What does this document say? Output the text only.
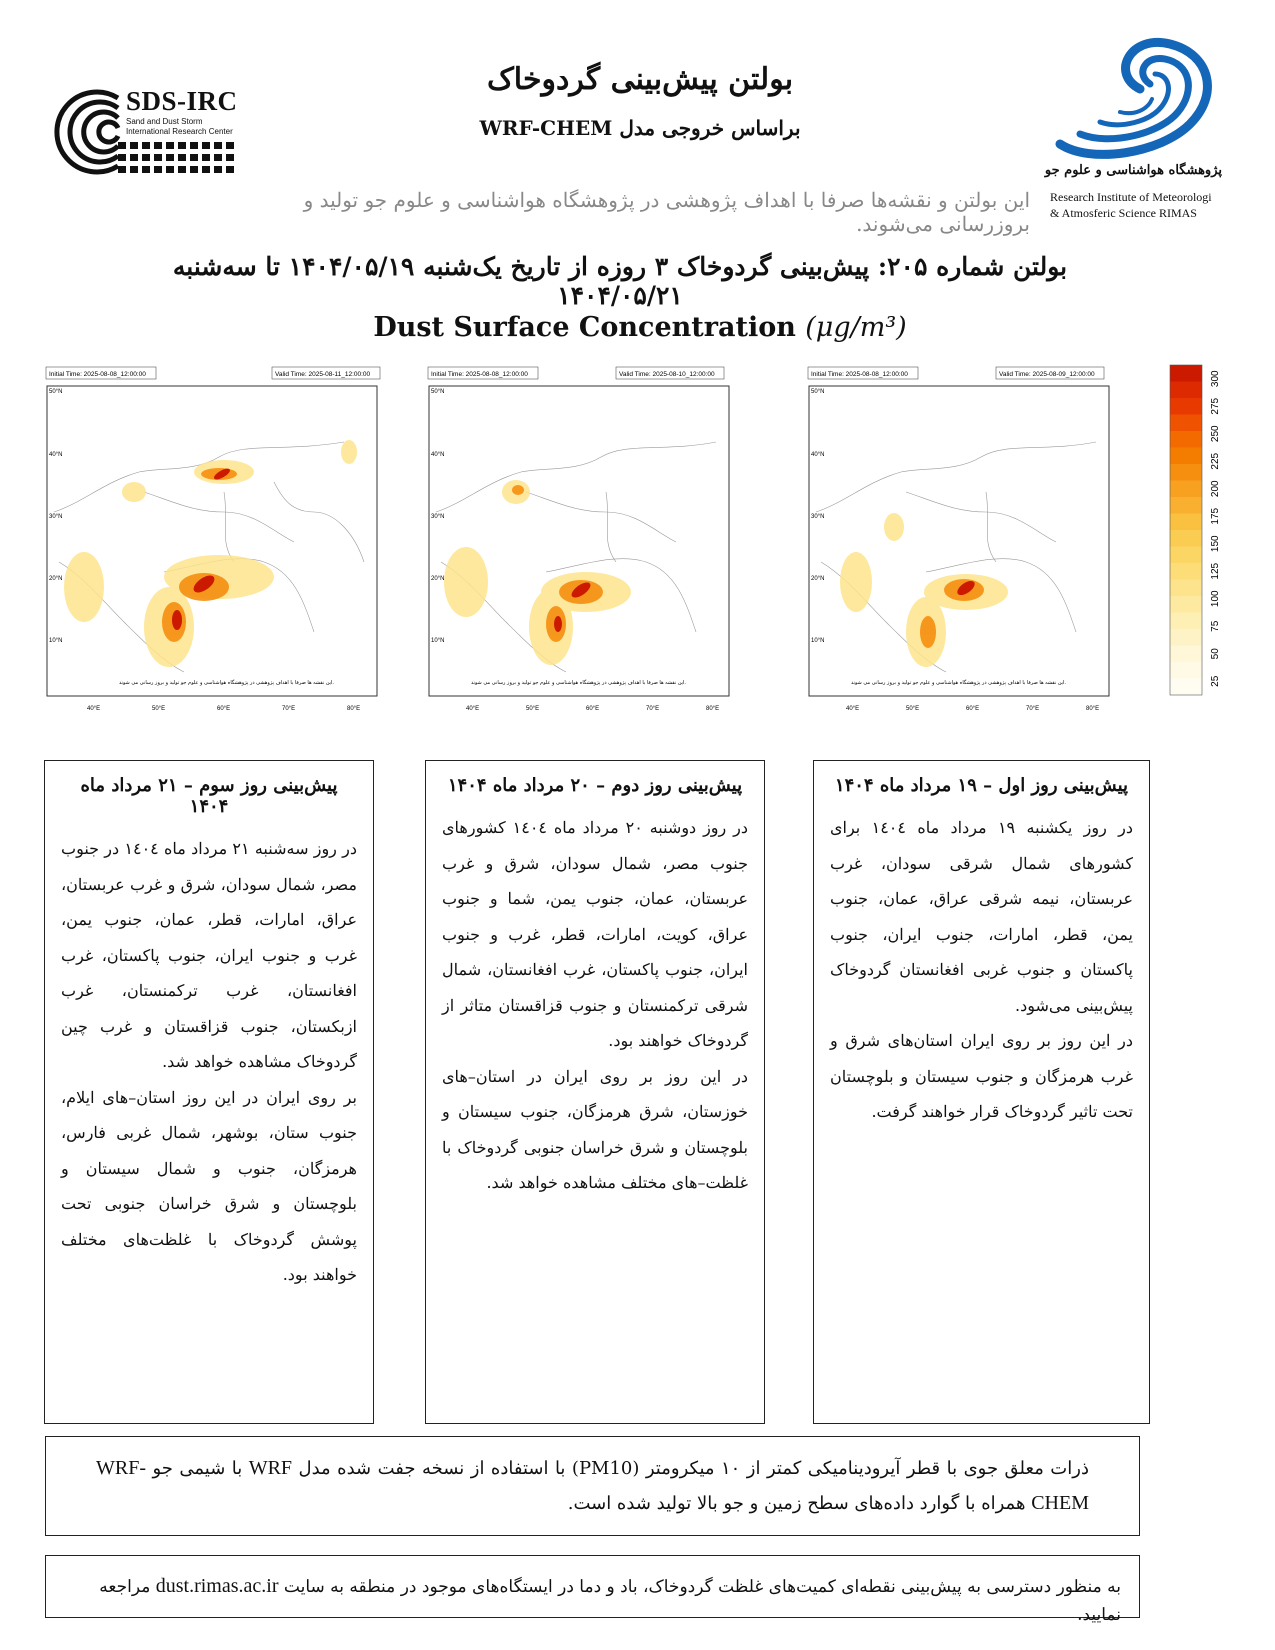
بولتن پیش‌بینی گردوخاک
براساس خروجی مدل WRF-CHEM
SDS-IRC
Sand and Dust Storm
International Research Center
پژوهشگاه هواشناسی و علوم جو
Research Institute of Meteorologi
& Atmosferic Science RIMAS
این بولتن و نقشه‌ها صرفا با اهداف پژوهشی در پژوهشگاه هواشناسی و علوم جو تولید و بروزرسانی می‌شوند.
بولتن شماره ۲۰۵: پیش‌بینی گردوخاک ۳ روزه از تاریخ یک‌شنبه ۱۴۰۴/۰۵/۱۹ تا سه‌شنبه ۱۴۰۴/۰۵/۲۱
Dust Surface Concentration (μg/m³)
Initial Time: 2025-08-08_12:00:00	Valid Time: 2025-08-11_12:00:00
50°N
40°N
30°N
20°N
10°N
40°E	50°E	60°E	70°E	80°E
این نقشه ها صرفا با اهداف پژوهشی در پژوهشگاه هواشناسی و علوم جو تولید و بروز رسانی می شوند.
Initial Time: 2025-08-08_12:00:00	Valid Time: 2025-08-10_12:00:00
50°N
40°N
30°N
20°N
10°N
40°E	50°E	60°E	70°E	80°E
این نقشه ها صرفا با اهداف پژوهشی در پژوهشگاه هواشناسی و علوم جو تولید و بروز رسانی می شوند.
Initial Time: 2025-08-08_12:00:00	Valid Time: 2025-08-09_12:00:00
50°N
40°N
30°N
20°N
10°N
40°E	50°E	60°E	70°E	80°E
این نقشه ها صرفا با اهداف پژوهشی در پژوهشگاه هواشناسی و علوم جو تولید و بروز رسانی می شوند.
300
275
250
225
200
175
150
125
100
75
50
25
پیش‌بینی روز سوم – ۲۱ مرداد ماه ۱۴۰۴

در روز سه‌شنبه ۲۱ مرداد ماه ۱٤۰٤ در جنوب مصر، شمال سودان، شرق و غرب عربستان، عراق، امارات، قطر، عمان، جنوب یمن، غرب و جنوب ایران، جنوب پاکستان، غرب افغانستان، غرب ترکمنستان، غرب ازبکستان، جنوب قزاقستان و غرب چین گردوخاک مشاهده خواهد شد.

بر روی ایران در این روز استان–های ایلام، جنوب ستان، بوشهر، شمال غربی فارس، هرمزگان، جنوب و شمال سیستان و بلوچستان و شرق خراسان جنوبی تحت پوشش گردوخاک با غلظت‌های مختلف خواهند بود.

پیش‌بینی روز دوم – ۲۰ مرداد ماه ۱۴۰۴

در روز دوشنبه ۲۰ مرداد ماه ۱٤۰٤ کشورهای جنوب مصر، شمال سودان، شرق و غرب عربستان، عمان، جنوب یمن، شما و جنوب عراق، کویت، امارات، قطر، غرب و جنوب ایران، جنوب پاکستان، غرب افغانستان، شمال شرقی ترکمنستان و جنوب قزاقستان متاثر از گردوخاک خواهند بود.

در این روز بر روی ایران در استان–های خوزستان، شرق هرمزگان، جنوب سیستان و بلوچستان و شرق خراسان جنوبی گردوخاک با غلظت–های مختلف مشاهده خواهد شد.

پیش‌بینی روز اول – ۱۹ مرداد ماه ۱۴۰۴

در روز یکشنبه ۱۹ مرداد ماه ۱٤۰٤ برای کشورهای شمال شرقی سودان، غرب عربستان، نیمه شرقی عراق، عمان، جنوب یمن، قطر، امارات، جنوب ایران، جنوب پاکستان و جنوب غربی افغانستان گردوخاک پیش‌بینی می‌شود.

در این روز بر روی ایران استان‌های شرق و غرب هرمزگان و جنوب سیستان و بلوچستان تحت تاثیر گردوخاک قرار خواهند گرفت.

ذرات معلق جوی با قطر آیرودینامیکی کمتر از ۱۰ میکرومتر (PM10) با استفاده از نسخه جفت شده مدل WRF با شیمی جو WRF-CHEM همراه با گوارد داده‌های سطح زمین و جو بالا تولید شده است.
به منظور دسترسی به پیش‌بینی نقطه‌ای کمیت‌های غلظت گردوخاک، باد و دما در ایستگاه‌های موجود در منطقه به سایت dust.rimas.ac.ir مراجعه نمایید.
